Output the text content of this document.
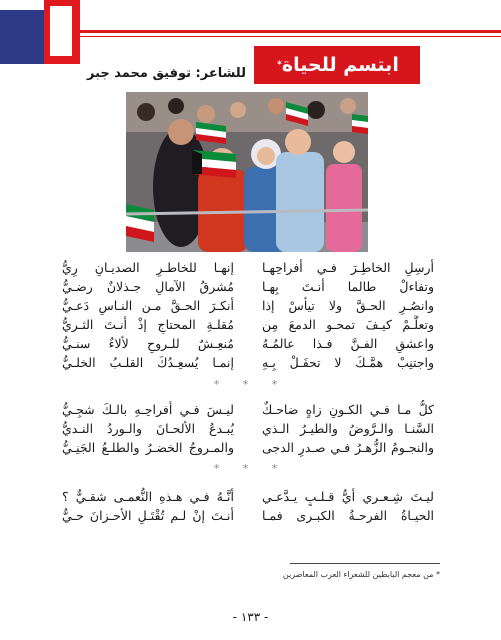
ابتسم للحياة
*
للشاعر: توفيق محمد جبر
أرسِلِ الخاطِـرَ فـي أفراحِهـا
وتفاءلْ طالما أنـتَ بِهـا
وانصُـرِ الحـقَّ ولا تيأسْ إذا
وتعلَّـمْ كيـفَ تمحـو الدمعَ مِن
واعشقِ الفـنَّ فـذا عالمُـهُ
واجتنِبْ همَّـكَ لا تحفَـلْ بِـهِ
إنهـا للخاطـرِ الصديـانِ رِيُّ
مُشرقُ الآمالِ جـذلانٌ رضـيُّ
أنكـرَ الحـقَّ مـن النـاسِ دَعـيُّ
مُقلـةِ المحتاجِ إذْ أنـتَ الثـريُّ
مُنعِـشٌ للـروحِ لألاءٌ سنـيُّ
إنمـا يُسعِـدُكَ القلـبُ الخلـيُّ
* * *
كلُّ مـا فـي الكـونِ زاهٍ ضاحـكٌ
السَّنـا والـرَّوضُ والطيـرُ الـذي
والنجـومُ الزُّهـرُ فـي صـدرِ الدجى
ليـسَ فـي أفراحِـهِ بالـكَ شجِـيُّ
يُبـدعُ الألحـانَ والـوردُ النـديُّ
والمـروجُ الخضـرُ والطلـعُ الجَنِـيُّ
* * *
ليـتَ شِـعـري أيُّ قـلـبٍ يـدَّعـي
الحيـاةُ الفرحـةُ الكبـرى فمـا
أنَّـهُ فـي هـذهِ النُّعمـى شقـيٌّ ؟
أنـتَ إنْ لـم تُقْتَـلِ الأحـزانَ حـيٌّ
* من معجم البابطين للشعراء العرب المعاصرين
- ١٣٣ -
